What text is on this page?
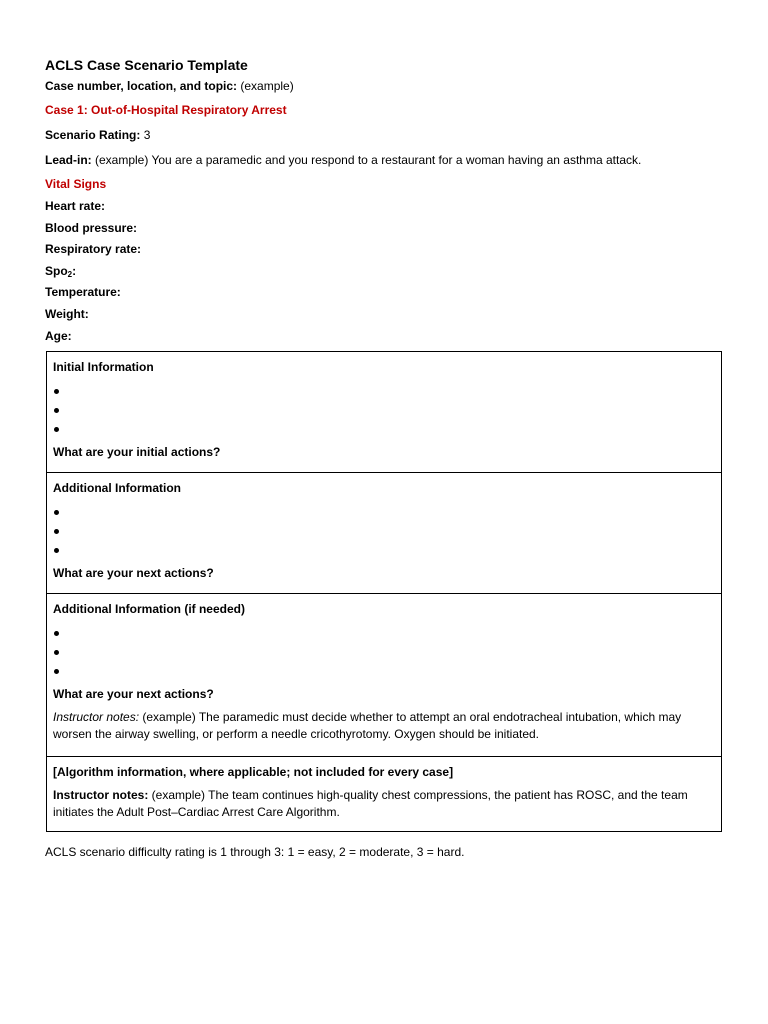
ACLS Case Scenario Template
Case number, location, and topic: (example)
Case 1: Out-of-Hospital Respiratory Arrest
Scenario Rating: 3
Lead-in: (example) You are a paramedic and you respond to a restaurant for a woman having an asthma attack.
Vital Signs
Heart rate:
Blood pressure:
Respiratory rate:
Spo$_2$:
Temperature:
Weight:
Age:
Initial Information
What are your initial actions?

Additional Information
What are your next actions?

Additional Information (if needed)
What are your next actions?
Instructor notes: (example) The paramedic must decide whether to attempt an oral endotracheal intubation, which may worsen the airway swelling, or perform a needle cricothyrotomy. Oxygen should be initiated.

[Algorithm information, where applicable; not included for every case]
Instructor notes: (example) The team continues high-quality chest compressions, the patient has ROSC, and the team initiates the Adult Post–Cardiac Arrest Care Algorithm.
ACLS scenario difficulty rating is 1 through 3: 1 = easy, 2 = moderate, 3 = hard.
